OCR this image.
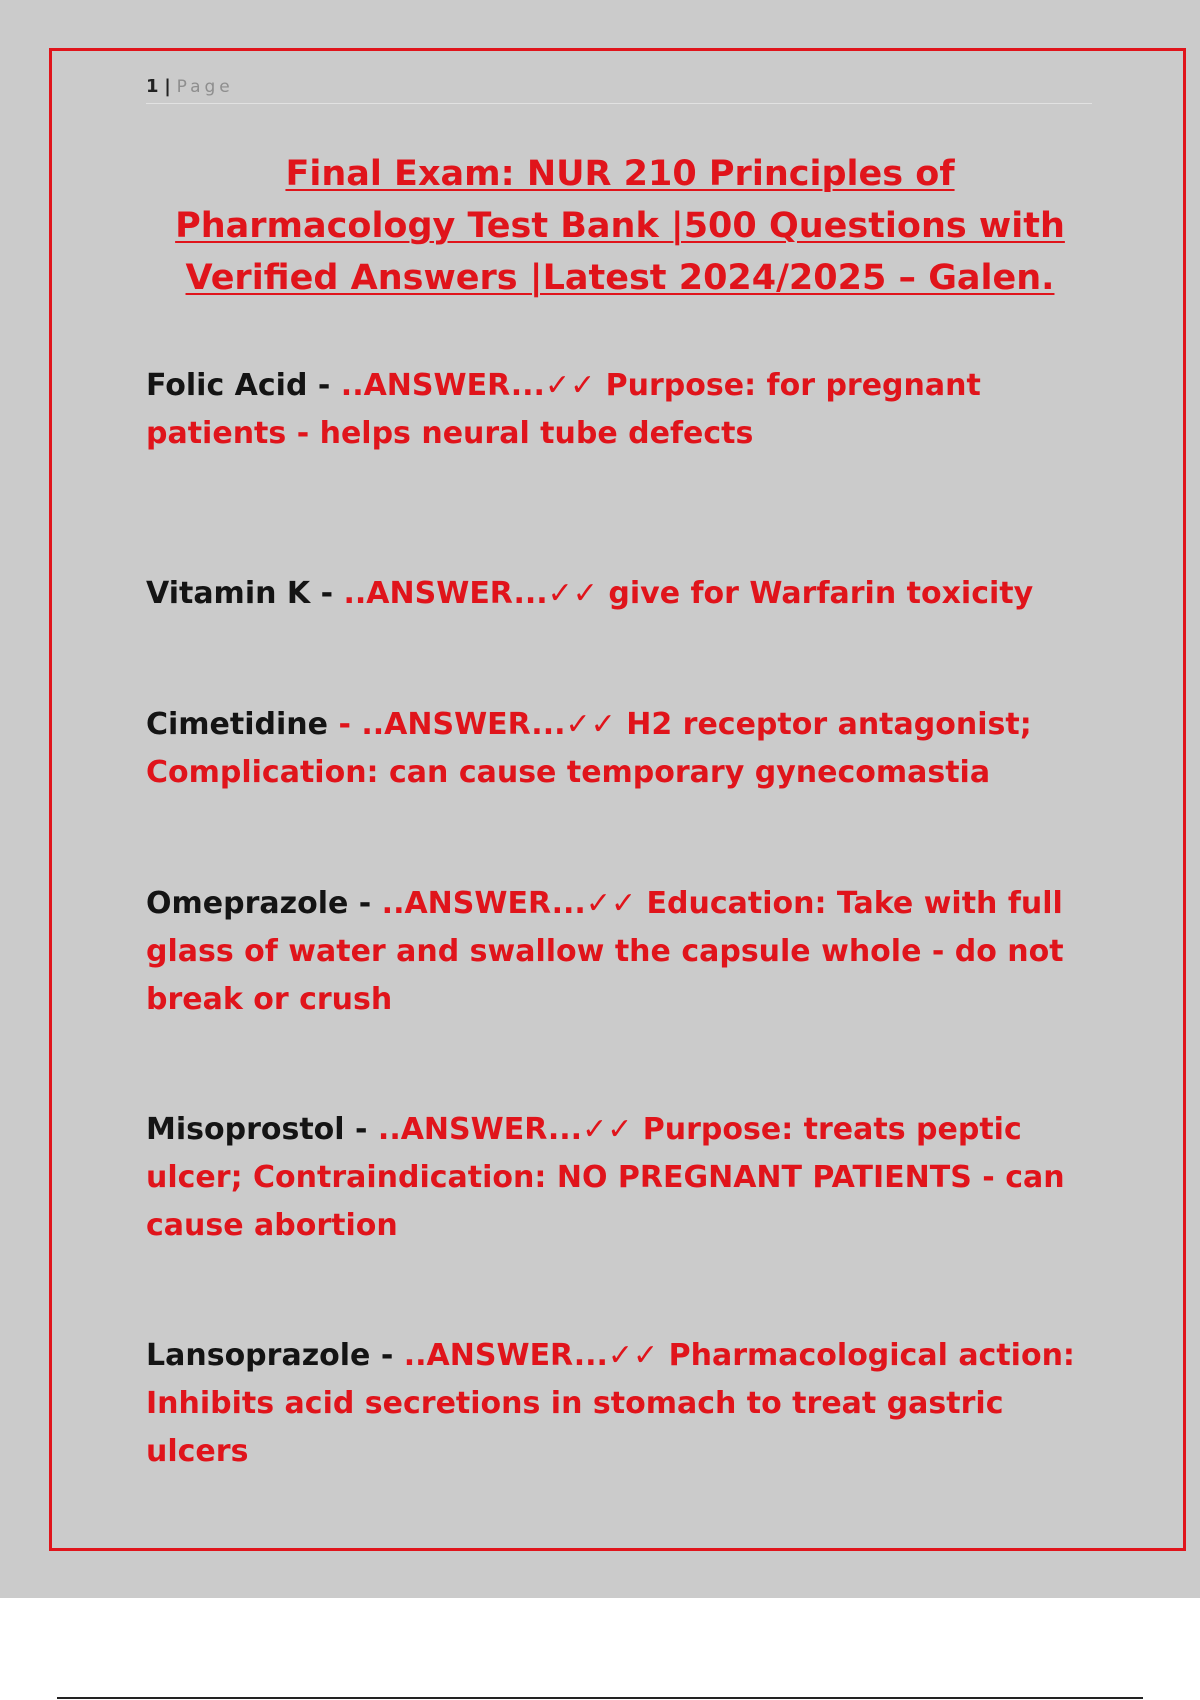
1 | Page
Final Exam: NUR 210 Principles of Pharmacology Test Bank |500 Questions with Verified Answers |Latest 2024/2025 – Galen.
Folic Acid - ..ANSWER...✓✓ Purpose: for pregnant patients - helps neural tube defects
Vitamin K - ..ANSWER...✓✓ give for Warfarin toxicity
Cimetidine - ..ANSWER...✓✓ H2 receptor antagonist; Complication: can cause temporary gynecomastia
Omeprazole - ..ANSWER...✓✓ Education: Take with full glass of water and swallow the capsule whole - do not break or crush
Misoprostol - ..ANSWER...✓✓ Purpose: treats peptic ulcer; Contraindication: NO PREGNANT PATIENTS - can cause abortion
Lansoprazole - ..ANSWER...✓✓ Pharmacological action: Inhibits acid secretions in stomach to treat gastric ulcers
